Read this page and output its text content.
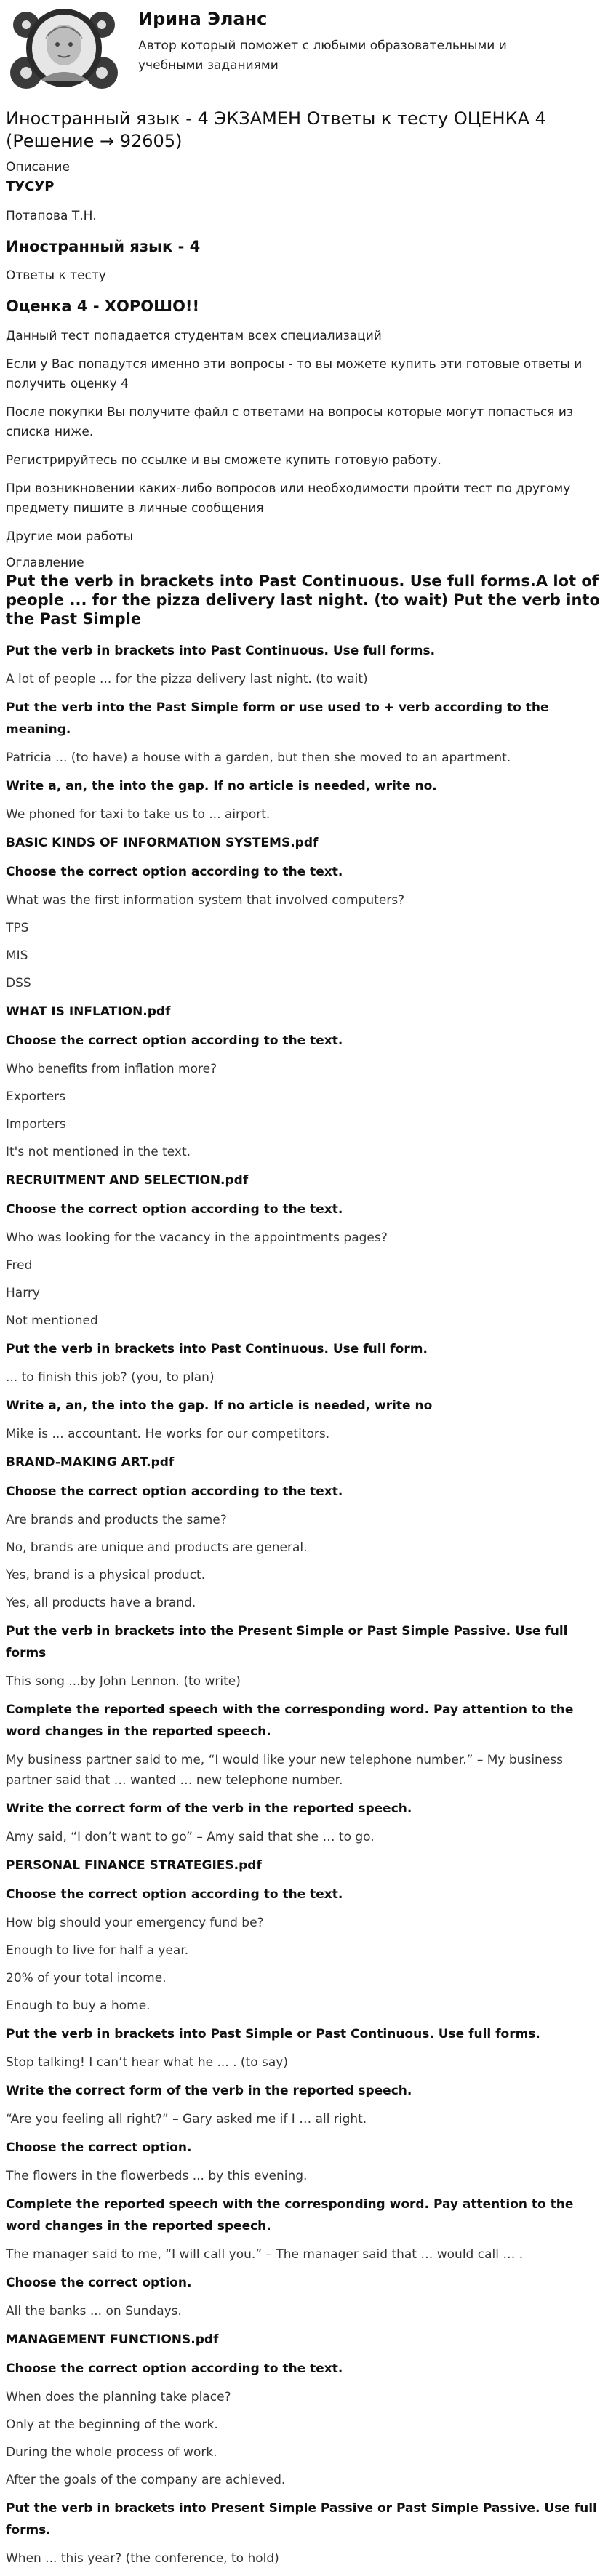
Ирина Эланс
Автор который поможет с любыми образовательными и учебными заданиями
Иностранный язык - 4 ЭКЗАМЕН Ответы к тесту ОЦЕНКА 4 (Решение → 92605)
Описание
ТУСУР
Потапова Т.Н.
Иностранный язык - 4
Ответы к тесту
Оценка 4 - ХОРОШО!!

Данный тест попадается студентам всех специализаций

Если у Вас попадутся именно эти вопросы - то вы можете купить эти готовые ответы и получить оценку 4

После покупки Вы получите файл с ответами на вопросы которые могут попасться из списка ниже.

Регистрируйтесь по ссылке и вы сможете купить готовую работу.

При возникновении каких-либо вопросов или необходимости пройти тест по другому предмету пишите в личные сообщения

Другие мои работы

Оглавление
Put the verb in brackets into Past Continuous. Use full forms.A lot of people ... for the pizza delivery last night. (to wait) Put the verb into the Past Simple

Put the verb in brackets into Past Continuous. Use full forms.

A lot of people ... for the pizza delivery last night. (to wait)

Put the verb into the Past Simple form or use used to + verb according to the meaning.

Patricia ... (to have) a house with a garden, but then she moved to an apartment.

Write a, an, the into the gap. If no article is needed, write no.

We phoned for taxi to take us to ... airport.

BASIC KINDS OF INFORMATION SYSTEMS.pdf

Choose the correct option according to the text.

What was the first information system that involved computers?

TPS

MIS

DSS

WHAT IS INFLATION.pdf

Choose the correct option according to the text.

Who benefits from inflation more?

Exporters

Importers

It's not mentioned in the text.

RECRUITMENT AND SELECTION.pdf

Choose the correct option according to the text.

Who was looking for the vacancy in the appointments pages?

Fred

Harry

Not mentioned

Put the verb in brackets into Past Continuous. Use full form.

... to finish this job? (you, to plan)

Write a, an, the into the gap. If no article is needed, write no

Mike is ... accountant. He works for our competitors.

BRAND-MAKING ART.pdf

Choose the correct option according to the text.

Are brands and products the same?

No, brands are unique and products are general.

Yes, brand is a physical product.

Yes, all products have a brand.

Put the verb in brackets into the Present Simple or Past Simple Passive. Use full forms

This song ...by John Lennon. (to write)

Complete the reported speech with the corresponding word. Pay attention to the word changes in the reported speech.

My business partner said to me, “I would like your new telephone number.” – My business partner said that … wanted … new telephone number.

Write the correct form of the verb in the reported speech.

Amy said, “I don’t want to go” – Amy said that she … to go.

PERSONAL FINANCE STRATEGIES.pdf

Choose the correct option according to the text.

How big should your emergency fund be?

Enough to live for half a year.

20% of your total income.

Enough to buy a home.

Put the verb in brackets into Past Simple or Past Continuous. Use full forms.

Stop talking! I can’t hear what he ... . (to say)

Write the correct form of the verb in the reported speech.

“Are you feeling all right?” – Gary asked me if I … all right.

Choose the correct option.

The flowers in the flowerbeds ... by this evening.

Complete the reported speech with the corresponding word. Pay attention to the word changes in the reported speech.

The manager said to me, “I will call you.” – The manager said that … would call … .

Choose the correct option.

All the banks ... on Sundays.

MANAGEMENT FUNCTIONS.pdf

Choose the correct option according to the text.

When does the planning take place?

Only at the beginning of the work.

During the whole process of work.

After the goals of the company are achieved.

Put the verb in brackets into Present Simple Passive or Past Simple Passive. Use full forms.

When ... this year? (the conference, to hold)
